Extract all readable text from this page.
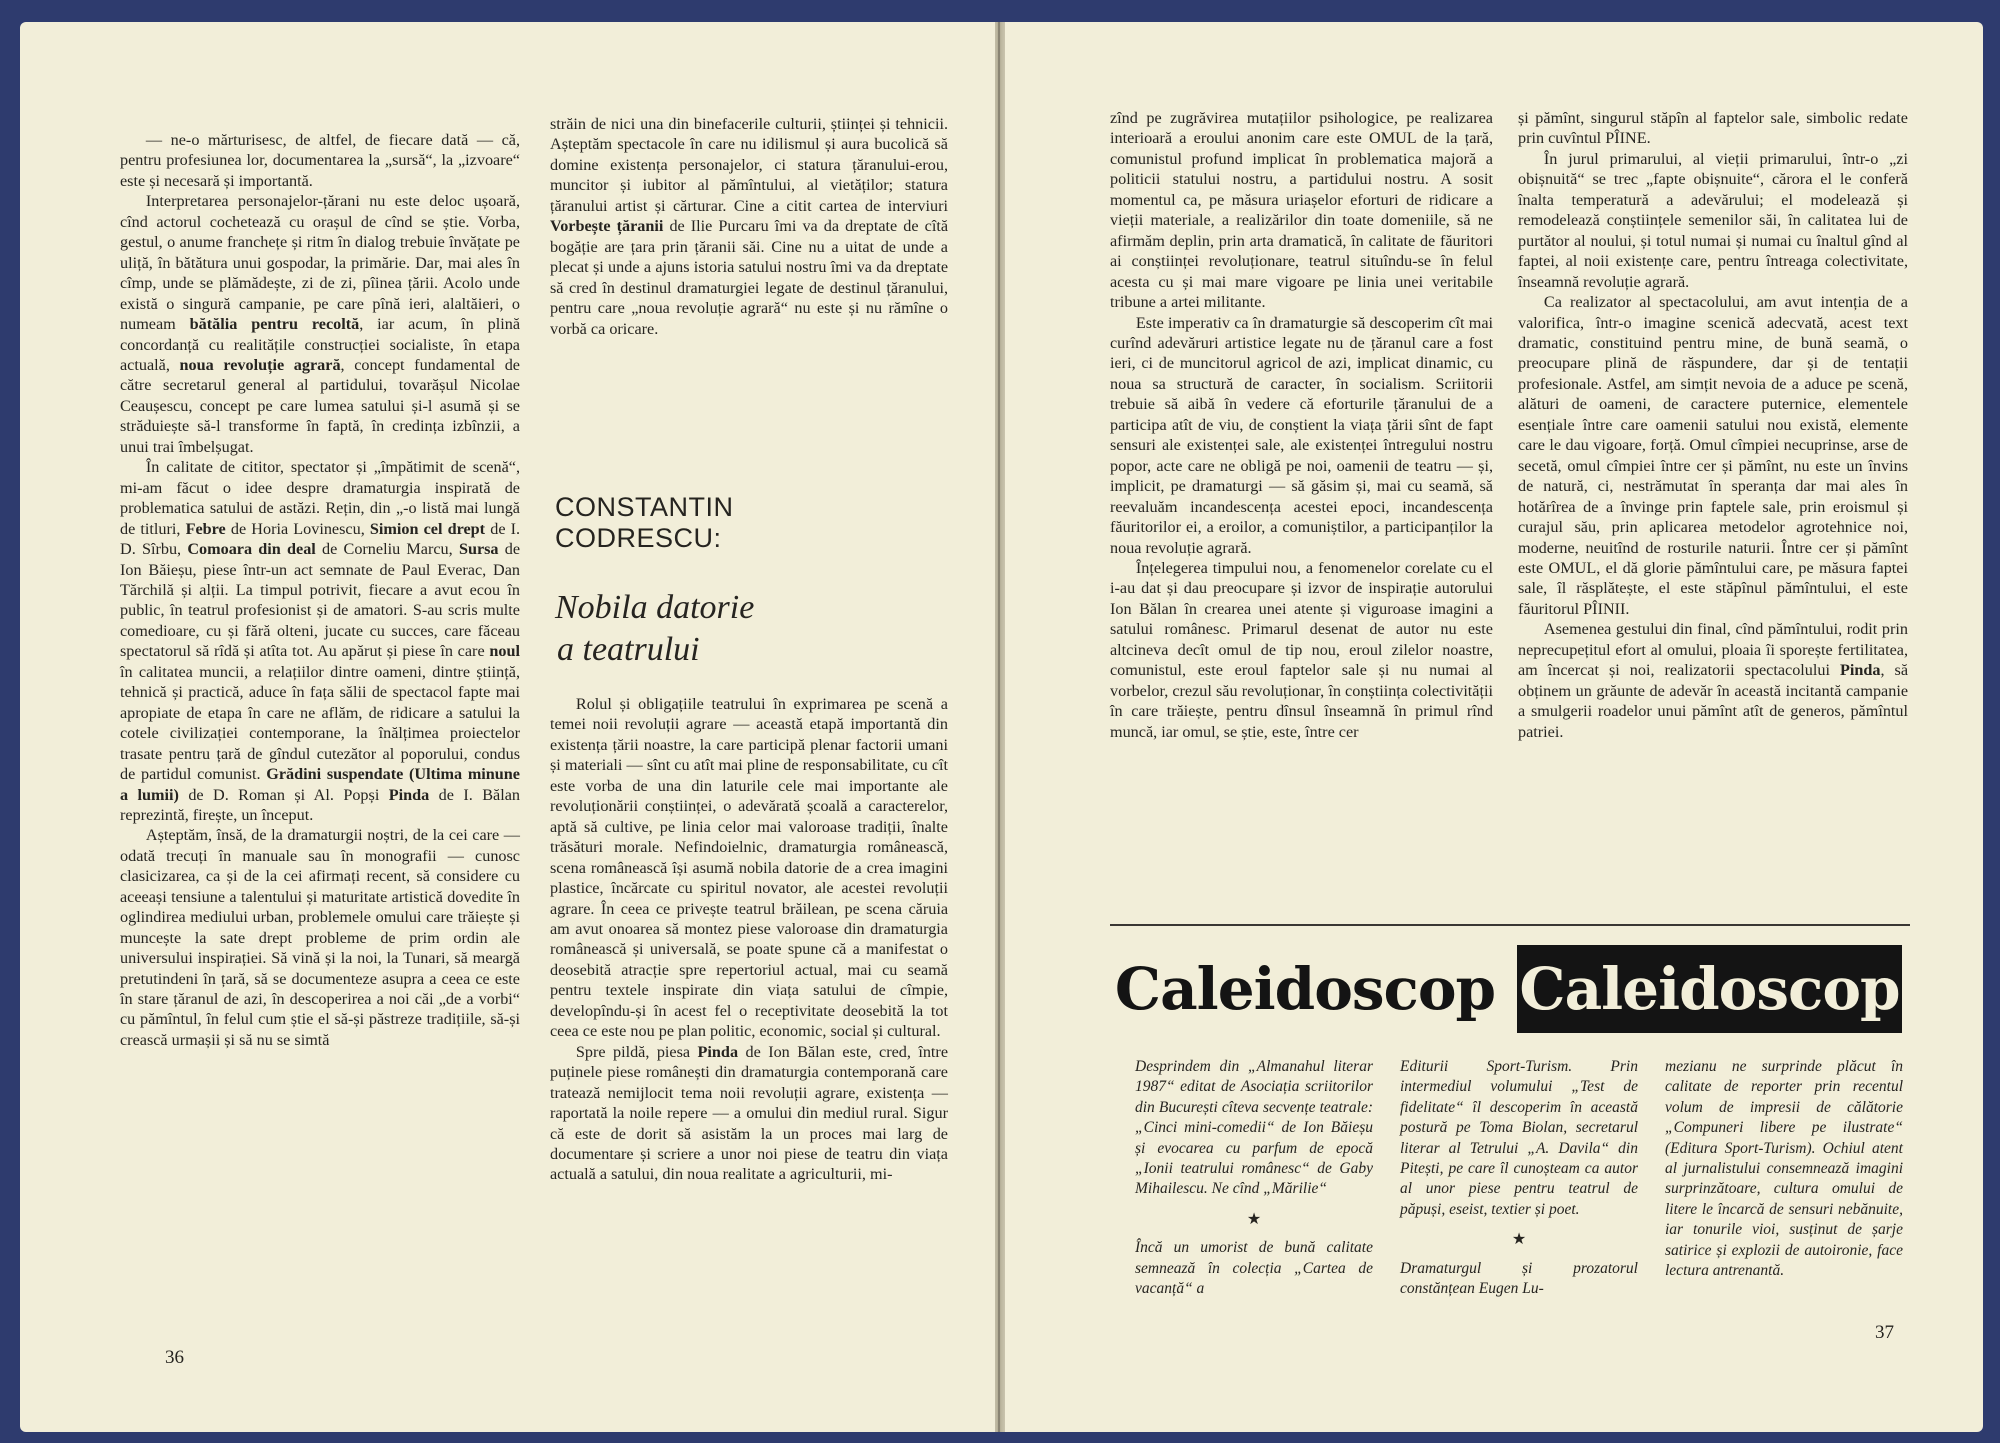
— ne-o mărturisesc, de altfel, de fiecare dată — că, pentru profesiunea lor, documentarea la „sursă“, la „izvoare“ este și necesară și importantă.

Interpretarea personajelor-țărani nu este deloc ușoară, cînd actorul cochetează cu orașul de cînd se știe. Vorba, gestul, o anume franchețe și ritm în dialog trebuie învățate pe uliță, în bătătura unui gospodar, la primărie. Dar, mai ales în cîmp, unde se plămădește, zi de zi, pîinea țării. Acolo unde există o singură campanie, pe care pînă ieri, alaltăieri, o numeam bătălia pentru recoltă, iar acum, în plină concordanță cu realitățile construcției socialiste, în etapa actuală, noua revoluție agrară, concept fundamental de către secretarul general al partidului, tovarășul Nicolae Ceaușescu, concept pe care lumea satului și-l asumă și se străduiește să-l transforme în faptă, în credința izbînzii, a unui trai îmbelșugat.

În calitate de cititor, spectator și „împătimit de scenă“, mi-am făcut o idee despre dramaturgia inspirată de problematica satului de astăzi. Rețin, din „-o listă mai lungă de titluri, Febre de Horia Lovinescu, Simion cel drept de I. D. Sîrbu, Comoara din deal de Corneliu Marcu, Sursa de Ion Băieșu, piese într-un act semnate de Paul Everac, Dan Tărchilă și alții. La timpul potrivit, fiecare a avut ecou în public, în teatrul profesionist și de amatori. S-au scris multe comedioare, cu și fără olteni, jucate cu succes, care făceau spectatorul să rîdă și atîta tot. Au apărut și piese în care noul în calitatea muncii, a relațiilor dintre oameni, dintre știință, tehnică și practică, aduce în fața sălii de spectacol fapte mai apropiate de etapa în care ne aflăm, de ridicare a satului la cotele civilizației contemporane, la înălțimea proiectelor trasate pentru țară de gîndul cutezător al poporului, condus de partidul comunist. Grădini suspendate (Ultima minune a lumii) de D. Roman și Al. Popși Pinda de I. Bălan reprezintă, firește, un început.

Așteptăm, însă, de la dramaturgii noștri, de la cei care — odată trecuți în manuale sau în monografii — cunosc clasicizarea, ca și de la cei afirmați recent, să considere cu aceeași tensiune a talentului și maturitate artistică dovedite în oglindirea mediului urban, problemele omului care trăiește și muncește la sate drept probleme de prim ordin ale universului inspirației. Să vină și la noi, la Tunari, să meargă pretutindeni în țară, să se documenteze asupra a ceea ce este în stare țăranul de azi, în descoperirea a noi căi „de a vorbi“ cu pămîntul, în felul cum știe el să-și păstreze tradițiile, să-și crească urmașii și să nu se simtă

străin de nici una din binefacerile culturii, științei și tehnicii. Așteptăm spectacole în care nu idilismul și aura bucolică să domine existența personajelor, ci statura țăranului-erou, muncitor și iubitor al pămîntului, al vietăților; statura țăranului artist și cărturar. Cine a citit cartea de interviuri Vorbește țăranii de Ilie Purcaru îmi va da dreptate de cîtă bogăție are țara prin țăranii săi. Cine nu a uitat de unde a plecat și unde a ajuns istoria satului nostru îmi va da dreptate să cred în destinul dramaturgiei legate de destinul țăranului, pentru care „noua revoluție agrară“ nu este și nu rămîne o vorbă ca oricare.

CONSTANTIN
CODRESCU:
Nobila datorie
a teatrului

Rolul și obligațiile teatrului în exprimarea pe scenă a temei noii revoluții agrare — această etapă importantă din existența țării noastre, la care participă plenar factorii umani și materiali — sînt cu atît mai pline de responsabilitate, cu cît este vorba de una din laturile cele mai importante ale revoluționării conștiinței, o adevărată școală a caracterelor, aptă să cultive, pe linia celor mai valoroase tradiții, înalte trăsături morale. Nefindoielnic, dramaturgia românească, scena românească își asumă nobila datorie de a crea imagini plastice, încărcate cu spiritul novator, ale acestei revoluții agrare. În ceea ce privește teatrul brăilean, pe scena căruia am avut onoarea să montez piese valoroase din dramaturgia românească și universală, se poate spune că a manifestat o deosebită atracție spre repertoriul actual, mai cu seamă pentru textele inspirate din viața satului de cîmpie, developîndu-și în acest fel o receptivitate deosebită la tot ceea ce este nou pe plan politic, economic, social și cultural.

Spre pildă, piesa Pinda de Ion Bălan este, cred, între puținele piese românești din dramaturgia contemporană care tratează nemijlocit tema noii revoluții agrare, existența — raportată la noile repere — a omului din mediul rural. Sigur că este de dorit să asistăm la un proces mai larg de documentare și scriere a unor noi piese de teatru din viața actuală a satului, din noua realitate a agriculturii, mi-

36

zînd pe zugrăvirea mutațiilor psihologice, pe realizarea interioară a eroului anonim care este OMUL de la țară, comunistul profund implicat în problematica majoră a politicii statului nostru, a partidului nostru. A sosit momentul ca, pe măsura uriașelor eforturi de ridicare a vieții materiale, a realizărilor din toate domeniile, să ne afirmăm deplin, prin arta dramatică, în calitate de făuritori ai conștiinței revoluționare, teatrul situîndu-se în felul acesta cu și mai mare vigoare pe linia unei veritabile tribune a artei militante.

Este imperativ ca în dramaturgie să descoperim cît mai curînd adevăruri artistice legate nu de țăranul care a fost ieri, ci de muncitorul agricol de azi, implicat dinamic, cu noua sa structură de caracter, în socialism. Scriitorii trebuie să aibă în vedere că eforturile țăranului de a participa atît de viu, de conștient la viața țării sînt de fapt sensuri ale existenței sale, ale existenței întregului nostru popor, acte care ne obligă pe noi, oamenii de teatru — și, implicit, pe dramaturgi — să găsim și, mai cu seamă, să reevaluăm incandescența acestei epoci, incandescența făuritorilor ei, a eroilor, a comuniștilor, a participanților la noua revoluție agrară.

Înțelegerea timpului nou, a fenomenelor corelate cu el i-au dat și dau preocupare și izvor de inspirație autorului Ion Bălan în crearea unei atente și viguroase imagini a satului românesc. Primarul desenat de autor nu este altcineva decît omul de tip nou, eroul zilelor noastre, comunistul, este eroul faptelor sale și nu numai al vorbelor, crezul său revoluționar, în conștiința colectivității în care trăiește, pentru dînsul înseamnă în primul rînd muncă, iar omul, se știe, este, între cer

și pămînt, singurul stăpîn al faptelor sale, simbolic redate prin cuvîntul PÎINE.

În jurul primarului, al vieții primarului, într-o „zi obișnuită“ se trec „fapte obișnuite“, cărora el le conferă înalta temperatură a adevărului; el modelează și remodelează conștiințele semenilor săi, în calitatea lui de purtător al noului, și totul numai și numai cu înaltul gînd al faptei, al noii existențe care, pentru întreaga colectivitate, înseamnă revoluție agrară.

Ca realizator al spectacolului, am avut intenția de a valorifica, într-o imagine scenică adecvată, acest text dramatic, constituind pentru mine, de bună seamă, o preocupare plină de răspundere, dar și de tentații profesionale. Astfel, am simțit nevoia de a aduce pe scenă, alături de oameni, de caractere puternice, elementele esențiale între care oamenii satului nou există, elemente care le dau vigoare, forță. Omul cîmpiei necuprinse, arse de secetă, omul cîmpiei între cer și pămînt, nu este un învins de natură, ci, nestrămutat în speranța dar mai ales în hotărîrea de a învinge prin faptele sale, prin eroismul și curajul său, prin aplicarea metodelor agrotehnice noi, moderne, neuitînd de rosturile naturii. Între cer și pămînt este OMUL, el dă glorie pămîntului care, pe măsura faptei sale, îl răsplătește, el este stăpînul pămîntului, el este făuritorul PÎINII.

Asemenea gestului din final, cînd pămîntului, rodit prin neprecupețitul efort al omului, ploaia îi sporește fertilitatea, am încercat și noi, realizatorii spectacolului Pinda, să obținem un grăunte de adevăr în această incitantă campanie a smulgerii roadelor unui pămînt atît de generos, pămîntul patriei.

Caleidoscop Caleidoscop

Desprindem din „Almanahul literar 1987“ editat de Asociația scriitorilor din București cîteva secvențe teatrale: „Cinci mini-comedii“ de Ion Băieșu și evocarea cu parfum de epocă „Ionii teatrului românesc“ de Gaby Mihailescu. Ne cînd „Mărilie“

★

Încă un umorist de bună calitate semnează în colecția „Cartea de vacanță“ a

Editurii Sport-Turism. Prin intermediul volumului „Test de fidelitate“ îl descoperim în această postură pe Toma Biolan, secretarul literar al Tetrului „A. Davila“ din Pitești, pe care îl cunoșteam ca autor al unor piese pentru teatrul de păpuși, eseist, textier și poet.

★

Dramaturgul și prozatorul constănțean Eugen Lu-

mezianu ne surprinde plăcut în calitate de reporter prin recentul volum de impresii de călătorie „Compuneri libere pe ilustrate“ (Editura Sport-Turism). Ochiul atent al jurnalistului consemnează imagini surprinzătoare, cultura omului de litere le încarcă de sensuri nebănuite, iar tonurile vioi, susținut de șarje satirice și explozii de autoironie, face lectura antrenantă.

37
